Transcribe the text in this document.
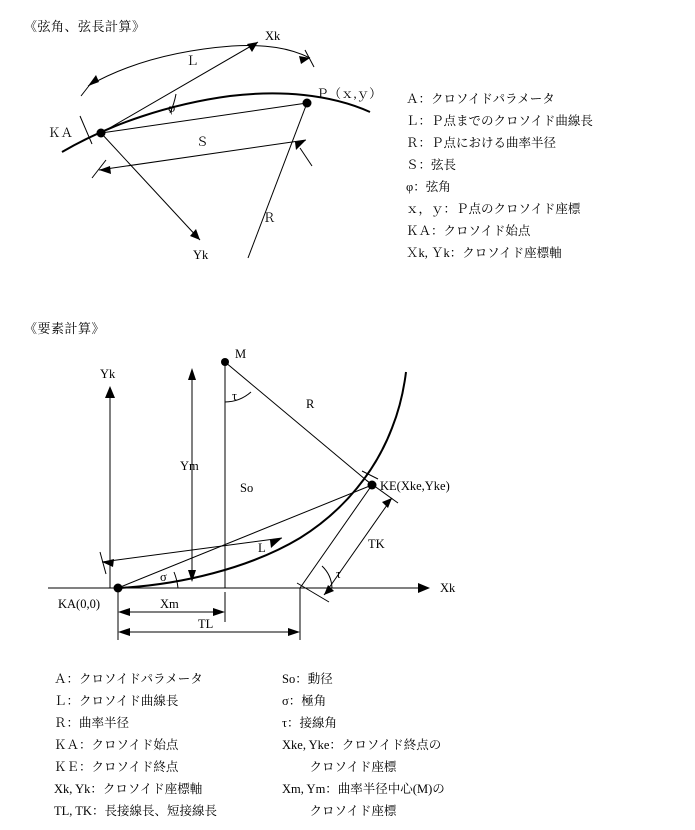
《弦角、弦長計算》
Xk
Yk
Ｓ
Ｌ
Ｒ
φ
ＫＡ
Ｐ（ｘ,ｙ） Ａ：クロソイドパラメータ
Ｌ：Ｐ点までのクロソイド曲線長
Ｒ：Ｐ点における曲率半径
Ｓ：弦長
φ：弦角
ｘ，ｙ：Ｐ点のクロソイド座標
ＫＡ：クロソイド始点
Ｘk, Ｙk：クロソイド座標軸
《要素計算》
Xk
Yk
R
So
L
Ym
M
τ
KE(Xke,Yke)
TK
τ
σ
KA(0,0)	Xm
TL
Ａ：クロソイドパラメータ
Ｌ：クロソイド曲線長
Ｒ：曲率半径
ＫＡ：クロソイド始点
ＫＥ：クロソイド終点
Xk, Yk：クロソイド座標軸
TL, TK：長接線長、短接線長
So：動径
σ：極角
τ：接線角
Xke, Yke：クロソイド終点の
クロソイド座標
Xm, Ym：曲率半径中心(M)の
クロソイド座標
